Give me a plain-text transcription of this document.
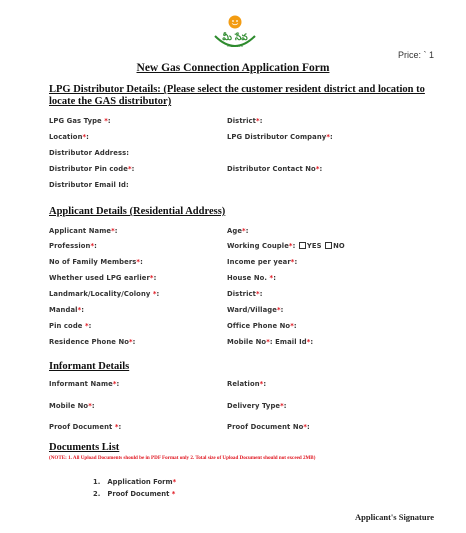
మీ సేవ
meeseva
Price: ` 1
New Gas Connection Application Form
LPG Distributor Details: (Please select the customer resident district and location to locate the GAS distributor)
LPG Gas Type *:	District*:
Location*:	LPG Distributor Company*:
Distributor Address:
Distributor Pin code*:	Distributor Contact No*:
Distributor Email Id:
Applicant Details (Residential Address)
Applicant Name*:	Age*:
Profession*:	Working Couple*: YES NO
No of Family Members*:	Income per year*:
Whether used LPG earlier*:	House No. *:
Landmark/Locality/Colony *:	District*:
Mandal*:	Ward/Village*:
Pin code *:	Office Phone No*:
Residence Phone No*:	Mobile No*: Email Id*:
Informant Details
Informant Name*:	Relation*:
Mobile No*:	Delivery Type*:
Proof Document *:	Proof Document No*:
Documents List
(NOTE: 1. All Upload Documents should be in PDF Format only 2. Total size of Upload Document should not exceed 2MB)
1. Application Form*
2. Proof Document *
Applicant's Signature
